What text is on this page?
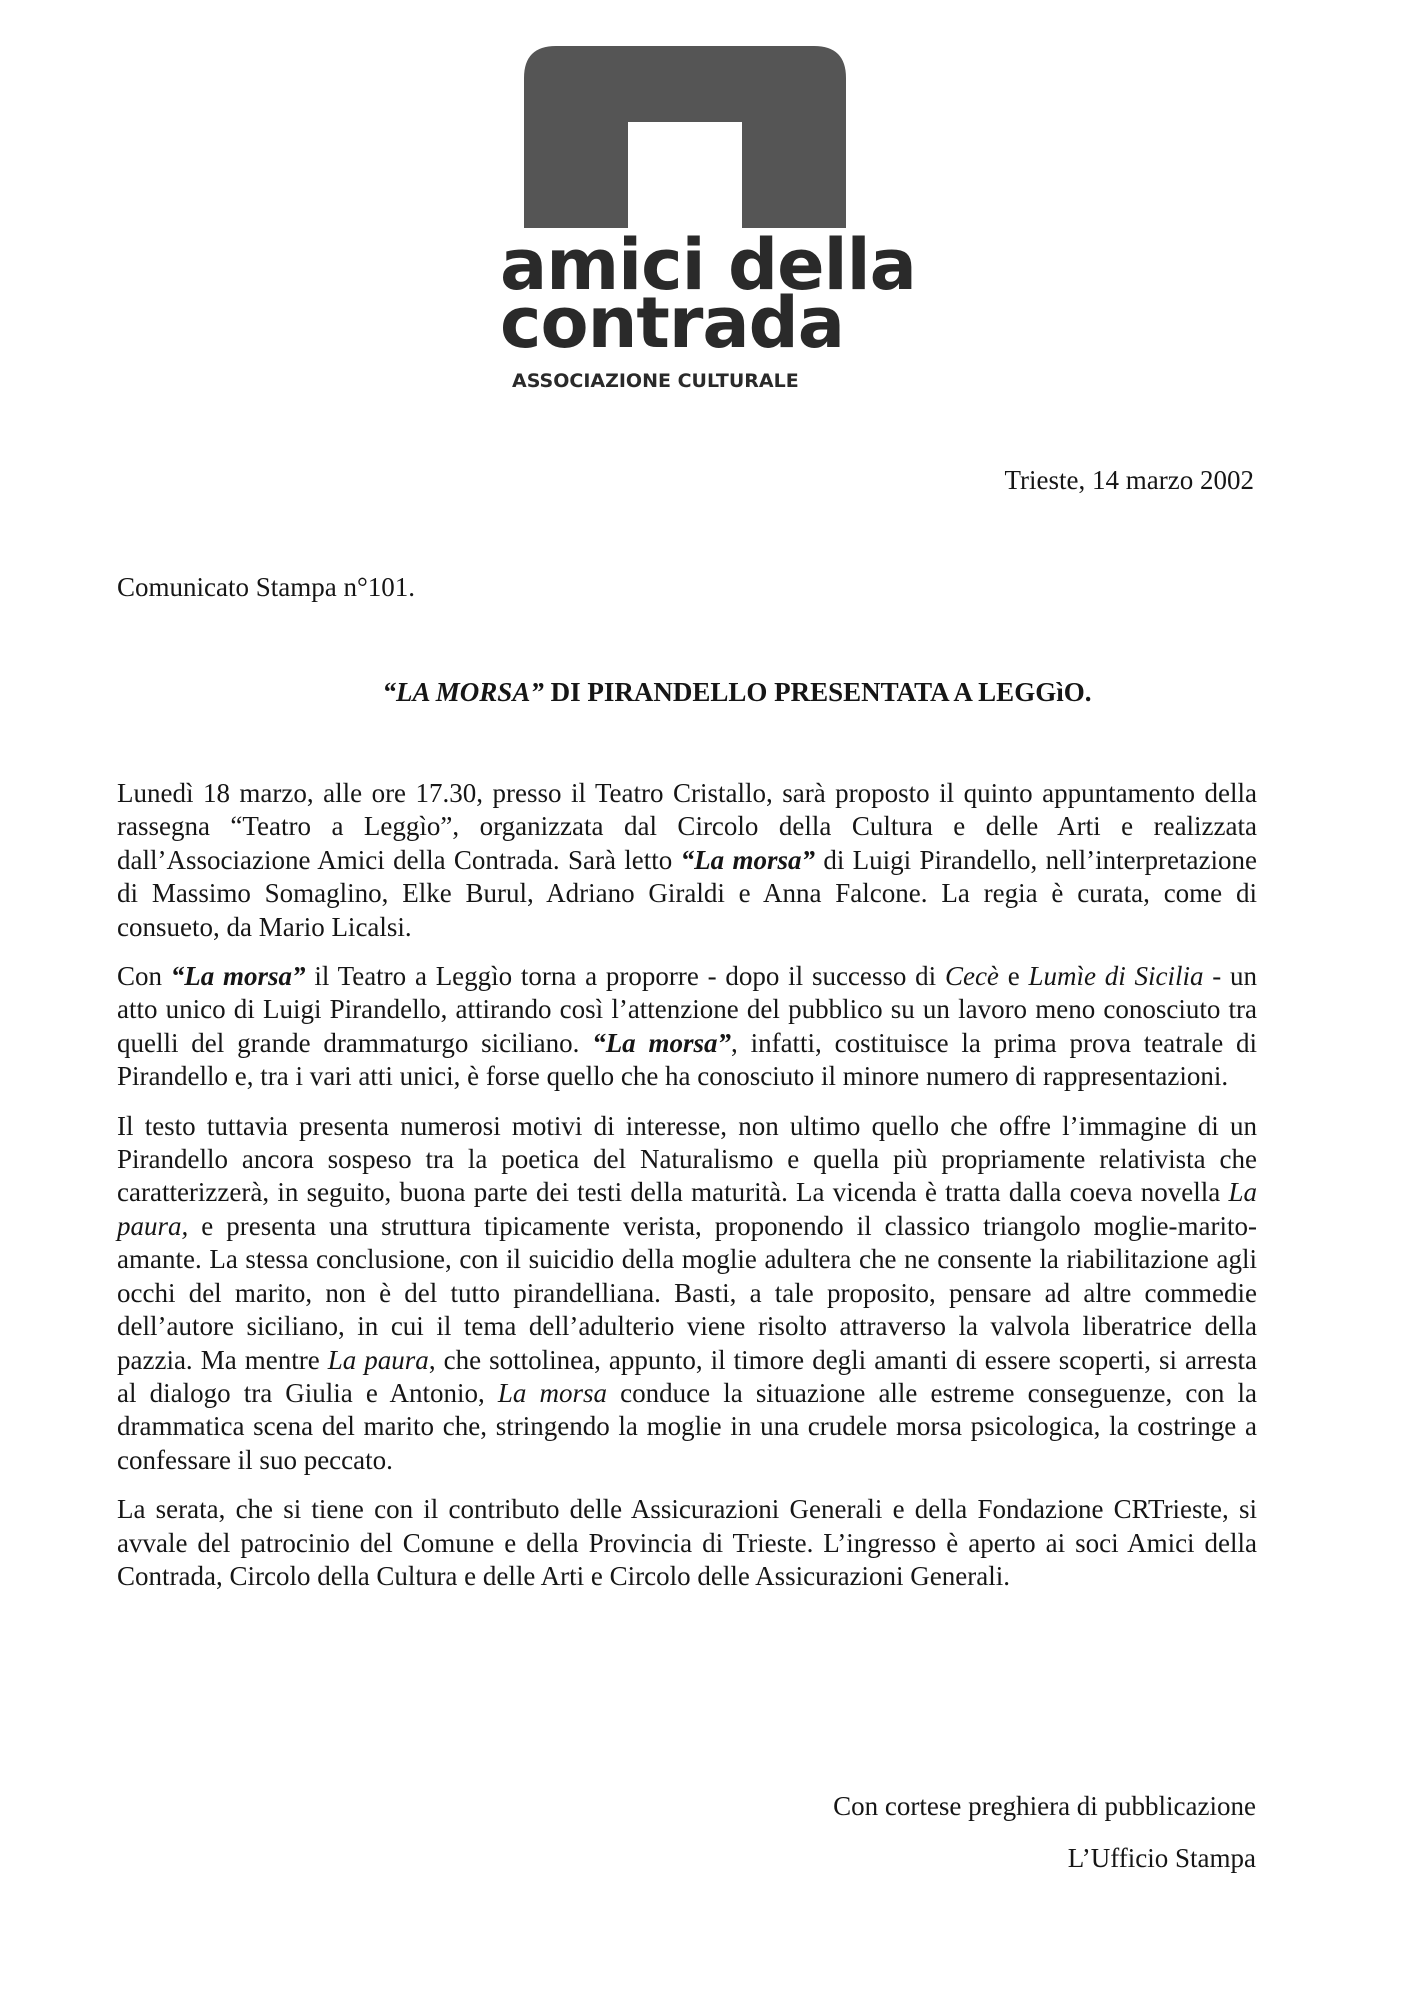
amici della
contrada
ASSOCIAZIONE CULTURALE
Trieste, 14 marzo 2002
Comunicato Stampa n°101.
“LA MORSA” DI PIRANDELLO PRESENTATA A LEGGìO.

Lunedì 18 marzo, alle ore 17.30, presso il Teatro Cristallo, sarà proposto il quinto appuntamento della rassegna “Teatro a Leggìo”, organizzata dal Circolo della Cultura e delle Arti e realizzata dall’Associazione Amici della Contrada. Sarà letto “La morsa” di Luigi Pirandello, nell’interpretazione di Massimo Somaglino, Elke Burul, Adriano Giraldi e Anna Falcone. La regia è curata, come di consueto, da Mario Licalsi.

Con “La morsa” il Teatro a Leggìo torna a proporre - dopo il successo di Cecè e Lumìe di Sicilia - un atto unico di Luigi Pirandello, attirando così l’attenzione del pubblico su un lavoro meno conosciuto tra quelli del grande drammaturgo siciliano. “La morsa”, infatti, costituisce la prima prova teatrale di Pirandello e, tra i vari atti unici, è forse quello che ha conosciuto il minore numero di rappresentazioni.

Il testo tuttavia presenta numerosi motivi di interesse, non ultimo quello che offre l’immagine di un Pirandello ancora sospeso tra la poetica del Naturalismo e quella più propriamente relativista che caratterizzerà, in seguito, buona parte dei testi della maturità. La vicenda è tratta dalla coeva novella La paura, e presenta una struttura tipicamente verista, proponendo il classico triangolo moglie-marito-amante. La stessa conclusione, con il suicidio della moglie adultera che ne consente la riabilitazione agli occhi del marito, non è del tutto pirandelliana. Basti, a tale proposito, pensare ad altre commedie dell’autore siciliano, in cui il tema dell’adulterio viene risolto attraverso la valvola liberatrice della pazzia. Ma mentre La paura, che sottolinea, appunto, il timore degli amanti di essere scoperti, si arresta al dialogo tra Giulia e Antonio, La morsa conduce la situazione alle estreme conseguenze, con la drammatica scena del marito che, stringendo la moglie in una crudele morsa psicologica, la costringe a confessare il suo peccato.

La serata, che si tiene con il contributo delle Assicurazioni Generali e della Fondazione CRTrieste, si avvale del patrocinio del Comune e della Provincia di Trieste. L’ingresso è aperto ai soci Amici della Contrada, Circolo della Cultura e delle Arti e Circolo delle Assicurazioni Generali.

Con cortese preghiera di pubblicazione
L’Ufficio Stampa
